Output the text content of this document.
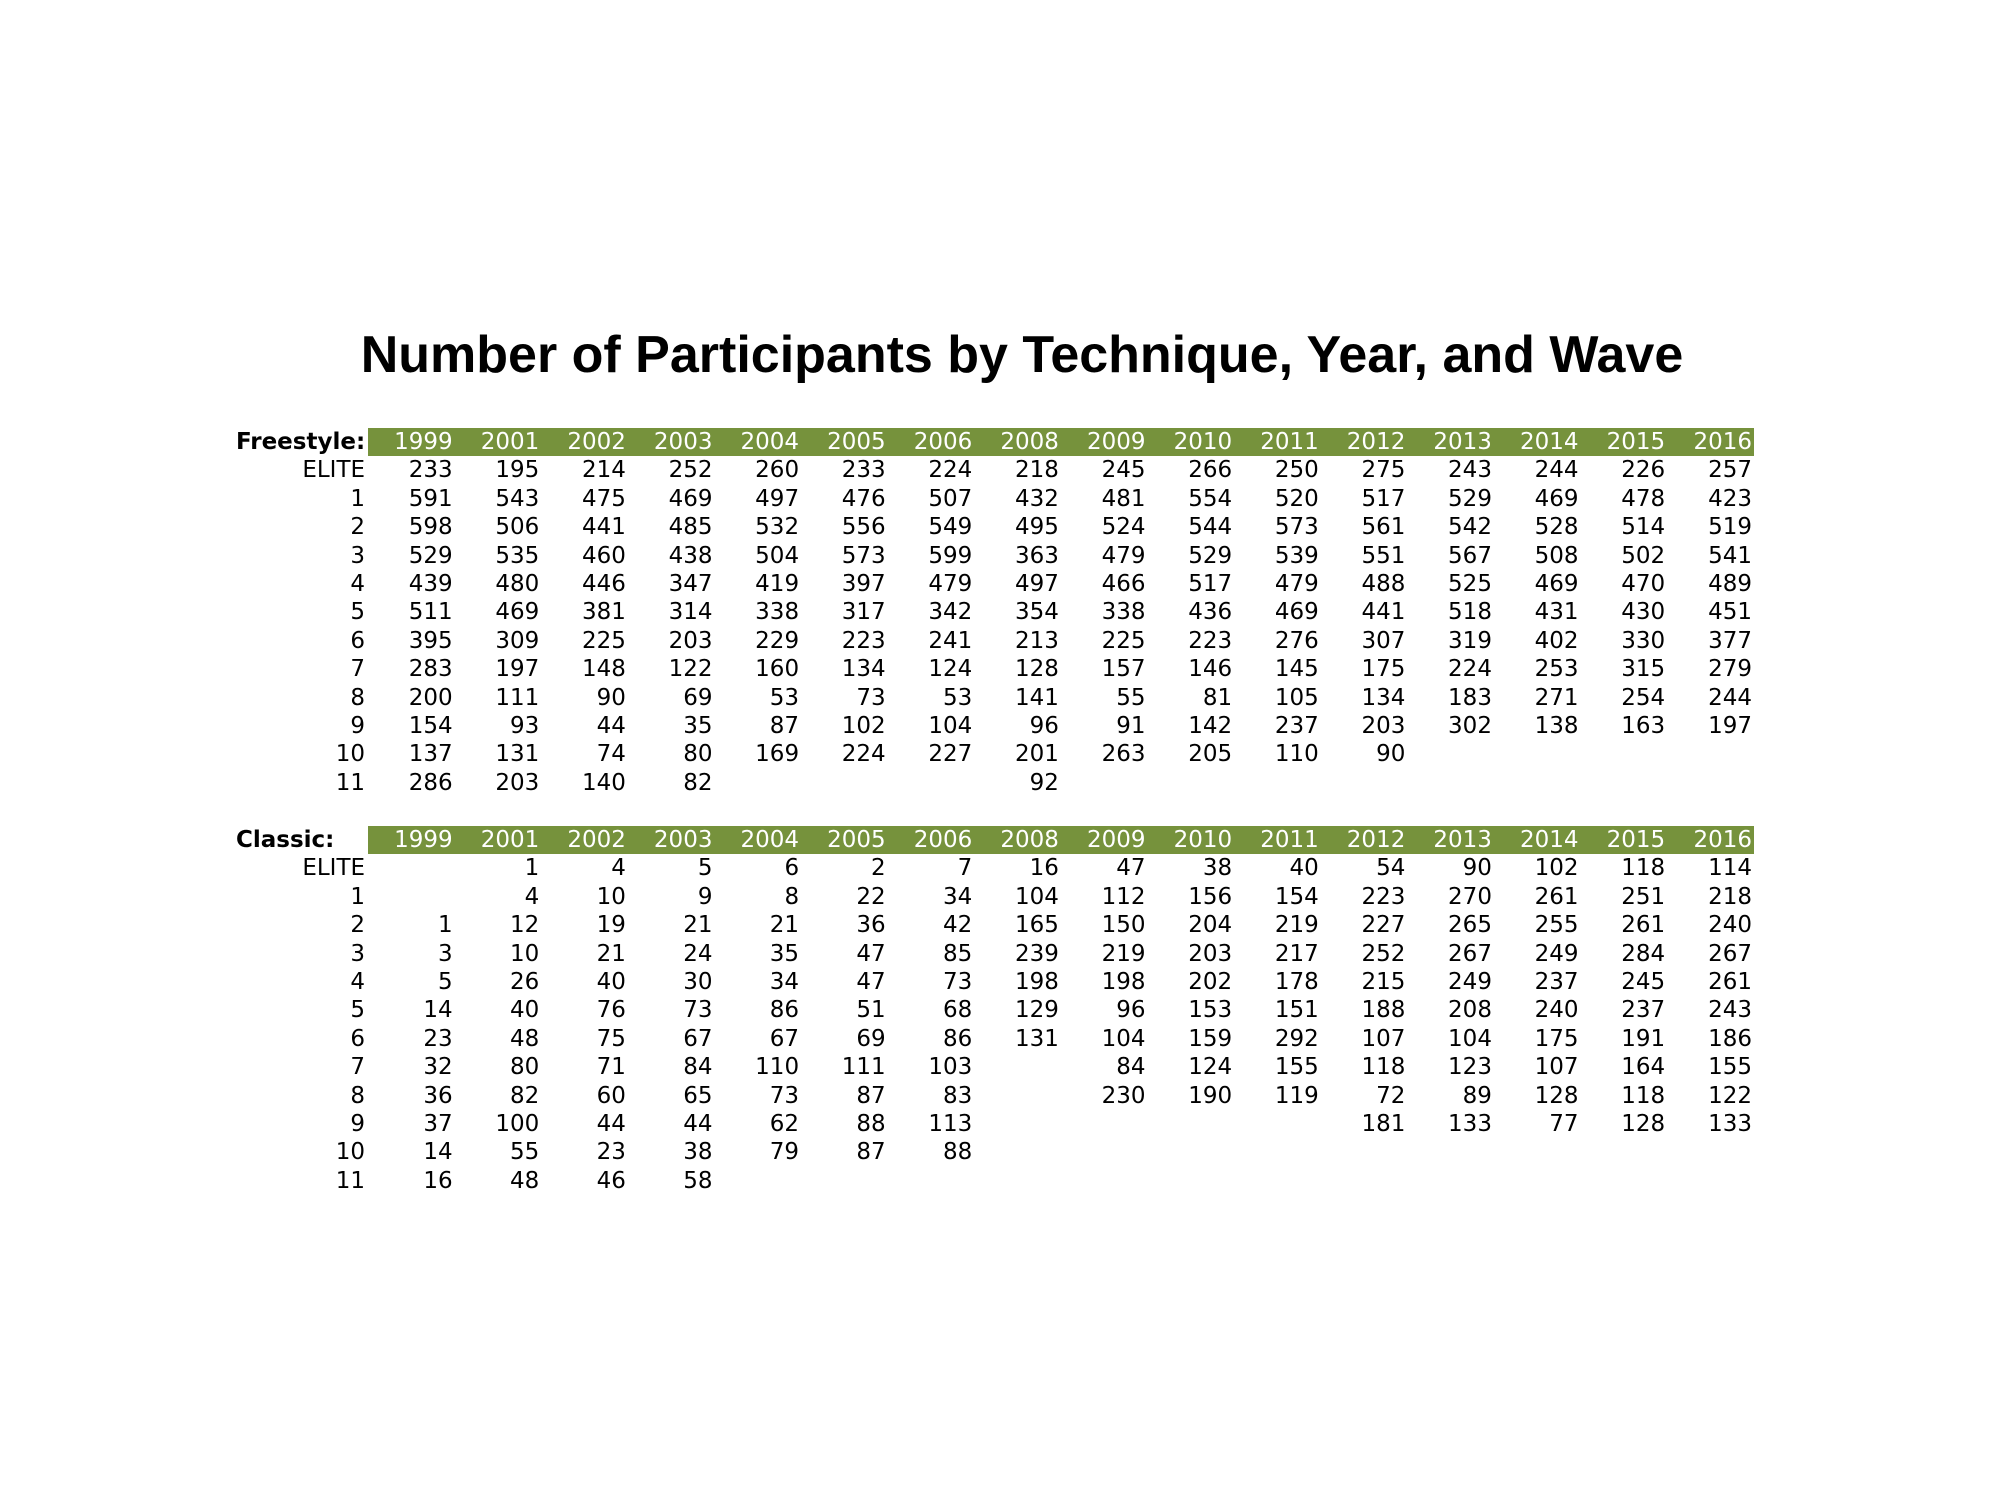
Number of Participants by Technique, Year, and Wave
Freestyle:	1999	2001	2002	2003	2004	2005	2006	2008	2009	2010	2011	2012	2013	2014	2015	2016
ELITE	233	195	214	252	260	233	224	218	245	266	250	275	243	244	226	257
1	591	543	475	469	497	476	507	432	481	554	520	517	529	469	478	423
2	598	506	441	485	532	556	549	495	524	544	573	561	542	528	514	519
3	529	535	460	438	504	573	599	363	479	529	539	551	567	508	502	541
4	439	480	446	347	419	397	479	497	466	517	479	488	525	469	470	489
5	511	469	381	314	338	317	342	354	338	436	469	441	518	431	430	451
6	395	309	225	203	229	223	241	213	225	223	276	307	319	402	330	377
7	283	197	148	122	160	134	124	128	157	146	145	175	224	253	315	279
8	200	111	90	69	53	73	53	141	55	81	105	134	183	271	254	244
9	154	93	44	35	87	102	104	96	91	142	237	203	302	138	163	197
10	137	131	74	80	169	224	227	201	263	205	110	90				
11	286	203	140	82				92								
Classic:	1999	2001	2002	2003	2004	2005	2006	2008	2009	2010	2011	2012	2013	2014	2015	2016
ELITE		1	4	5	6	2	7	16	47	38	40	54	90	102	118	114
1		4	10	9	8	22	34	104	112	156	154	223	270	261	251	218
2	1	12	19	21	21	36	42	165	150	204	219	227	265	255	261	240
3	3	10	21	24	35	47	85	239	219	203	217	252	267	249	284	267
4	5	26	40	30	34	47	73	198	198	202	178	215	249	237	245	261
5	14	40	76	73	86	51	68	129	96	153	151	188	208	240	237	243
6	23	48	75	67	67	69	86	131	104	159	292	107	104	175	191	186
7	32	80	71	84	110	111	103		84	124	155	118	123	107	164	155
8	36	82	60	65	73	87	83		230	190	119	72	89	128	118	122
9	37	100	44	44	62	88	113					181	133	77	128	133
10	14	55	23	38	79	87	88									
11	16	48	46	58												
